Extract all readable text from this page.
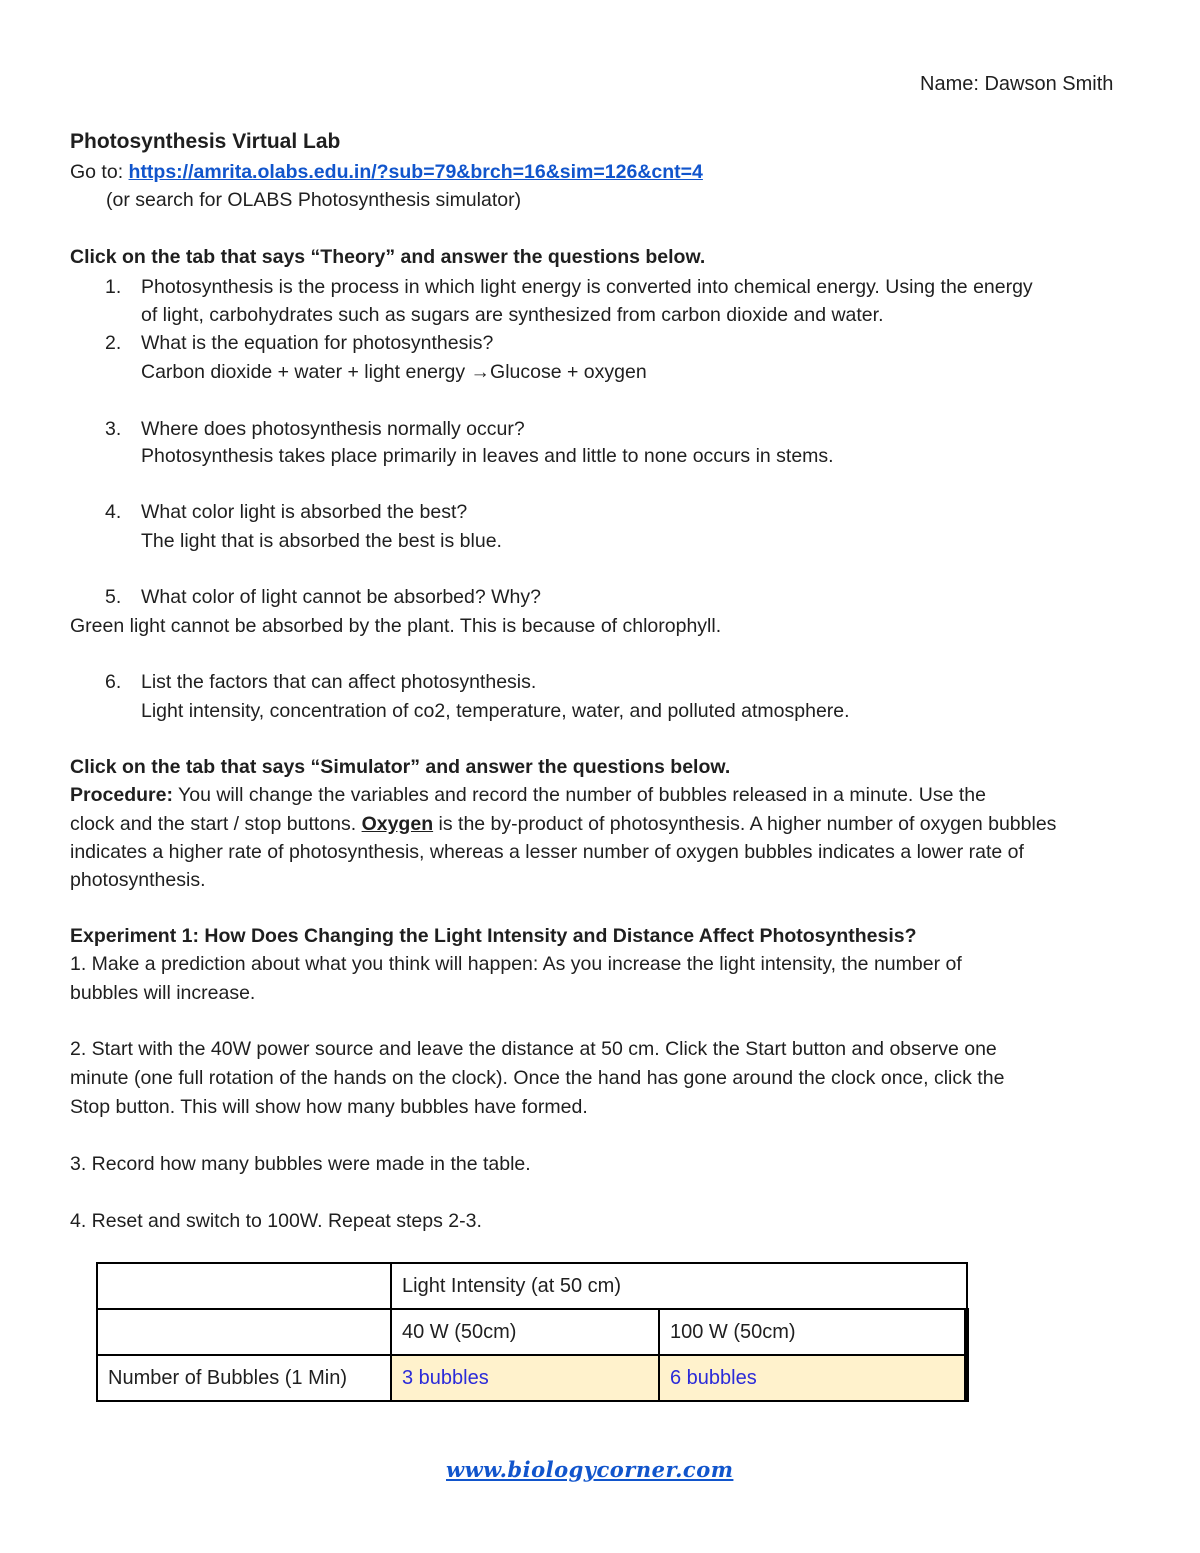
Name: Dawson Smith
Photosynthesis Virtual Lab
Go to: https://amrita.olabs.edu.in/?sub=79&brch=16&sim=126&cnt=4
(or search for OLABS Photosynthesis simulator)
Click on the tab that says “Theory” and answer the questions below.
1. Photosynthesis is the process in which light energy is converted into chemical energy. Using the energy
of light, carbohydrates such as sugars are synthesized from carbon dioxide and water.
2. What is the equation for photosynthesis?
Carbon dioxide + water + light energy →Glucose + oxygen
3. Where does photosynthesis normally occur?
Photosynthesis takes place primarily in leaves and little to none occurs in stems.
4. What color light is absorbed the best?
The light that is absorbed the best is blue.
5. What color of light cannot be absorbed? Why?
Green light cannot be absorbed by the plant. This is because of chlorophyll.
6. List the factors that can affect photosynthesis.
Light intensity, concentration of co2, temperature, water, and polluted atmosphere.
Click on the tab that says “Simulator” and answer the questions below.
Procedure: You will change the variables and record the number of bubbles released in a minute. Use the
clock and the start / stop buttons. Oxygen is the by-product of photosynthesis. A higher number of oxygen bubbles
indicates a higher rate of photosynthesis, whereas a lesser number of oxygen bubbles indicates a lower rate of
photosynthesis.
Experiment 1: How Does Changing the Light Intensity and Distance Affect Photosynthesis?
1. Make a prediction about what you think will happen: As you increase the light intensity, the number of
bubbles will increase.
2. Start with the 40W power source and leave the distance at 50 cm. Click the Start button and observe one
minute (one full rotation of the hands on the clock). Once the hand has gone around the clock once, click the
Stop button. This will show how many bubbles have formed.
3. Record how many bubbles were made in the table.
4. Reset and switch to 100W. Repeat steps 2-3.
	Light Intensity (at 50 cm)	
	40 W (50cm)	100 W (50cm)
Number of Bubbles (1 Min)	3 bubbles	6 bubbles
www.biologycorner.com
